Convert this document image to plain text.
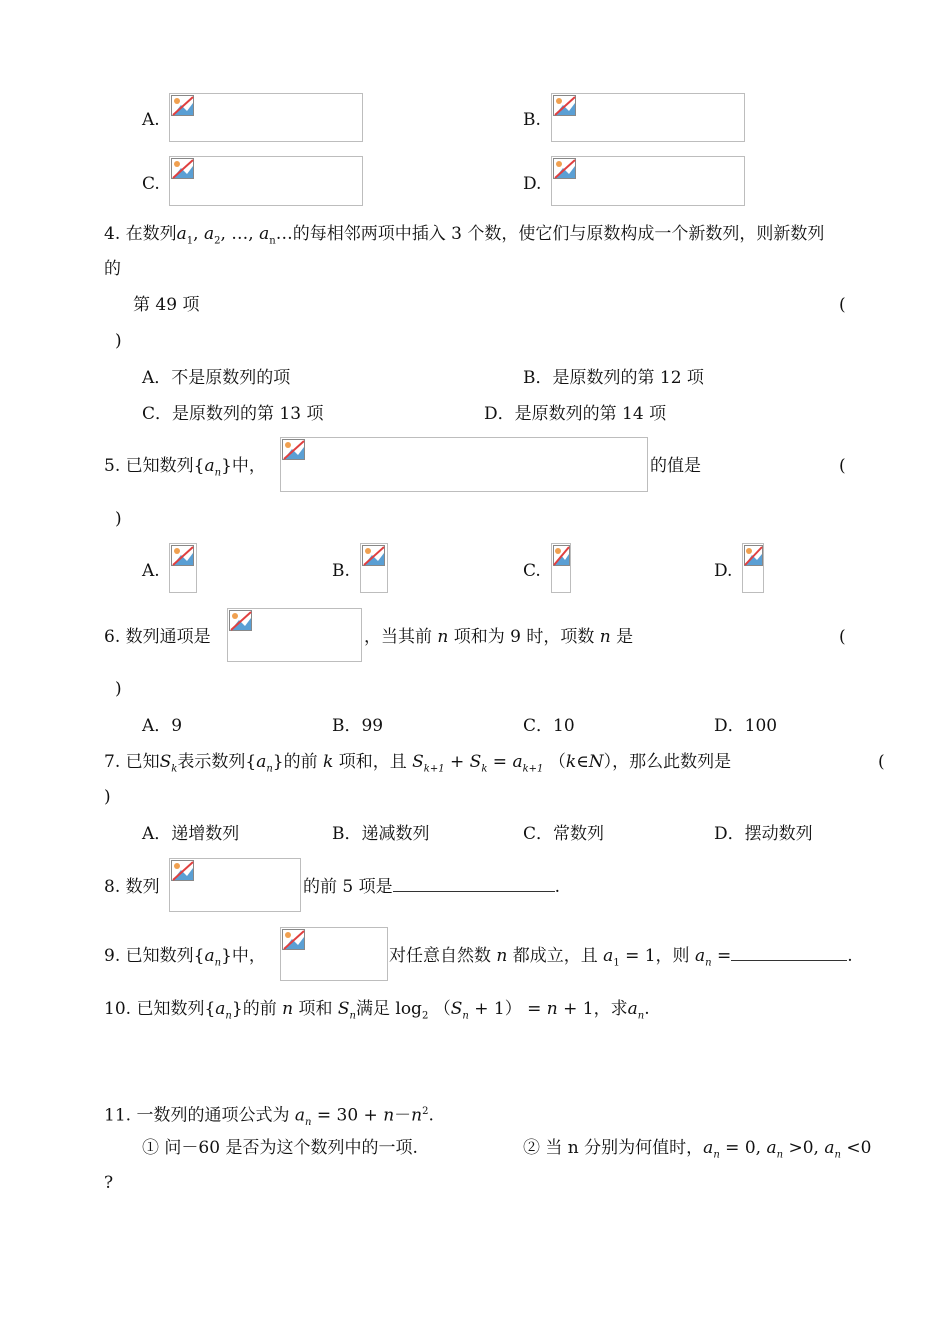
A.	B.
C.	D.
4. 在数列$a_1$, $a_2$, …, $a_n\dots$的每相邻两项中插入 3 个数，使它们与原数构成一个新数列，则新数列
的
第 49 项	(
)
A．不是原数列的项	B．是原数列的第 12 项
C．是原数列的第 13 项	D．是原数列的第 14 项
5. 已知数列$\{a_n\}$中，	的值是	(
)
A.	B.	C.	D.
6. 数列通项是	，当其前 n 项和为 9 时，项数 n 是	(
)
A．9	B．99	C．10	D．100
7. 已知$S_k$表示数列$\{a_n\}$的前 k 项和，且 $S_{k+1} + S_k = a_{k+1}$ （k∈N），那么此数列是	(
)
A．递增数列	B．递减数列	C．常数列	D．摆动数列
8. 数列	的前 5 项是	.
9. 已知数列$\{a_n\}$中，	对任意自然数 n 都成立，且 $a_1 = 1$，则 $a_n$ =	.
10. 已知数列$\{a_n\}$的前 n 项和 $S_n$满足 $\log_2 (S_n + 1) = n + 1$，求$a_n$.
11. 一数列的通项公式为 $a_n = 30 + n-n^2$.
① 问－60 是否为这个数列中的一项.	② 当 n 分别为何值时，$a_n = 0$, $a_n >0$, $a_n <0$
?
